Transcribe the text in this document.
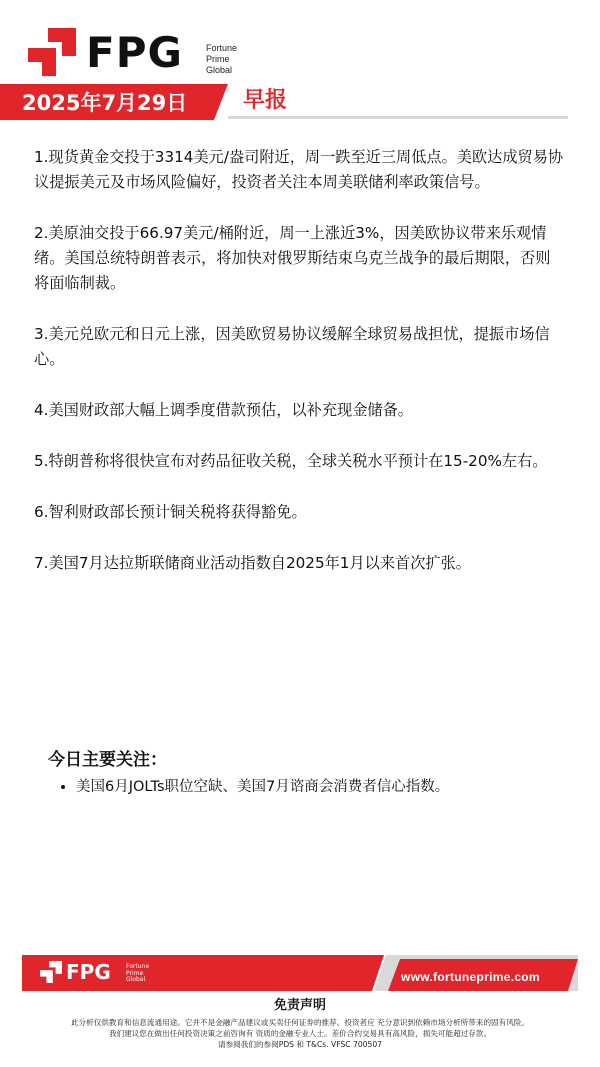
FPG	Fortune
Prime
Global
2025年7月29日	早报

1.现货黄金交投于3314美元/盎司附近，周一跌至近三周低点。美欧达成贸易协议提振美元及市场风险偏好，投资者关注本周美联储利率政策信号。

2.美原油交投于66.97美元/桶附近，周一上涨近3%，因美欧协议带来乐观情绪。美国总统特朗普表示，将加快对俄罗斯结束乌克兰战争的最后期限，否则将面临制裁。

3.美元兑欧元和日元上涨，因美欧贸易协议缓解全球贸易战担忧，提振市场信心。

4.美国财政部大幅上调季度借款预估，以补充现金储备。

5.特朗普称将很快宣布对药品征收关税，全球关税水平预计在15-20%左右。

6.智利财政部长预计铜关税将获得豁免。

7.美国7月达拉斯联储商业活动指数自2025年1月以来首次扩张。

今日主要关注：
• 美国6月JOLTs职位空缺、美国7月谘商会消费者信心指数。
FPG	Fortune
Prime
Global	www.fortuneprime.com
免责声明
此分析仅供教育和信息流通用途。它并不是金融产品建议或买卖任何证券的推荐。投资者应 充分意识到依赖市场分析所带来的固有风险。
我们建议您在做出任何投资决策之前咨询有 资质的金融专业人士。差价合约交易具有高风险，损失可能超过存款。
请参阅我们的参阅PDS 和 T&Cs. VFSC 700507
